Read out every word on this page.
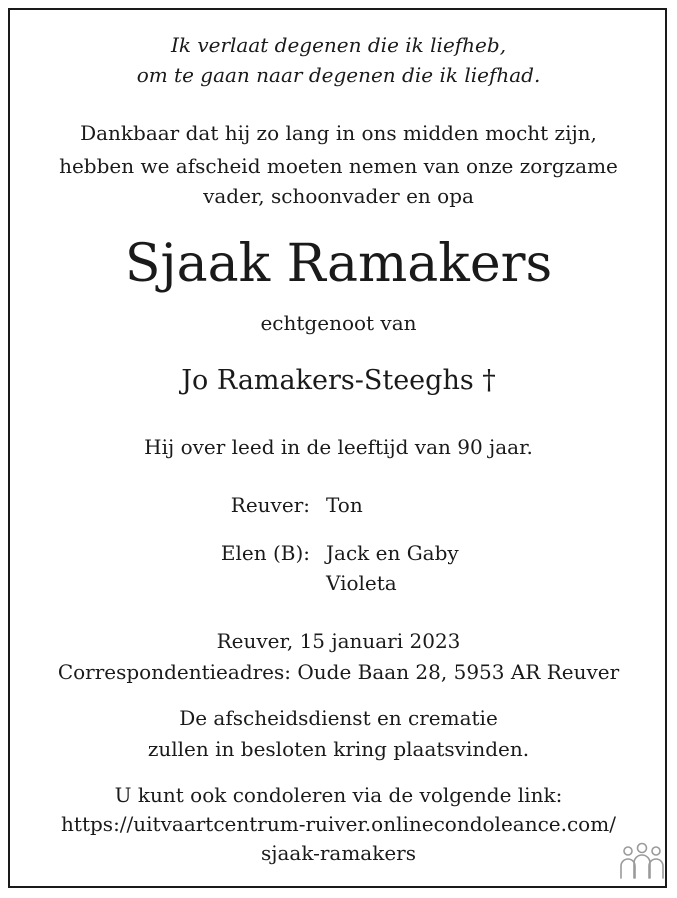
Ik verlaat degenen die ik liefheb,
om te gaan naar degenen die ik liefhad.
Dankbaar dat hij zo lang in ons midden mocht zijn,
hebben we afscheid moeten nemen van onze zorgzame
vader, schoonvader en opa
Sjaak Ramakers
echtgenoot van
Jo Ramakers-Steeghs †
Hij over leed in de leeftijd van 90 jaar.
Reuver: Ton
Elen (B): Jack en Gaby
Violeta
Reuver, 15 januari 2023
Correspondentieadres: Oude Baan 28, 5953 AR Reuver
De afscheidsdienst en crematie
zullen in besloten kring plaatsvinden.
U kunt ook condoleren via de volgende link:
https://uitvaartcentrum-ruiver.onlinecondoleance.com/
sjaak-ramakers
